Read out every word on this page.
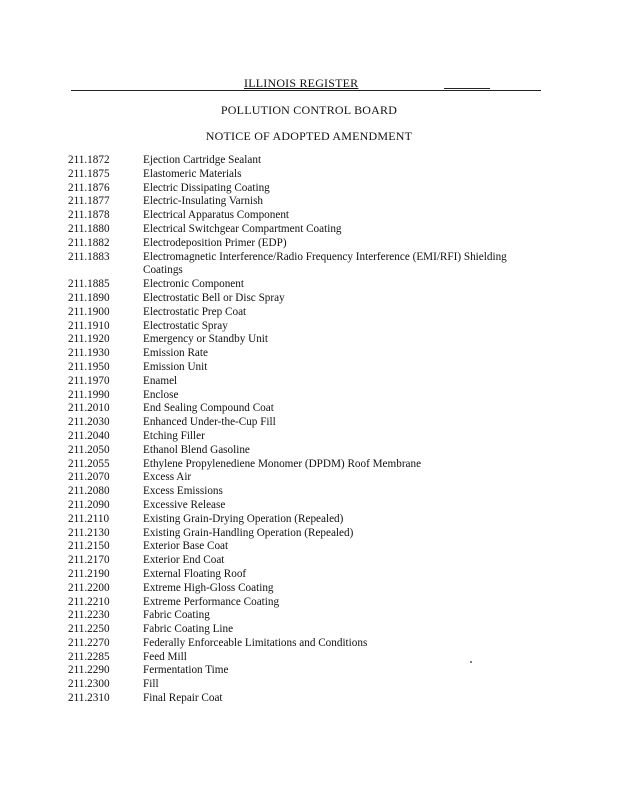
ILLINOIS REGISTER
POLLUTION CONTROL BOARD
NOTICE OF ADOPTED AMENDMENT
211.1872	Ejection Cartridge Sealant
211.1875	Elastomeric Materials
211.1876	Electric Dissipating Coating
211.1877	Electric-Insulating Varnish
211.1878	Electrical Apparatus Component
211.1880	Electrical Switchgear Compartment Coating
211.1882	Electrodeposition Primer (EDP)
211.1883	Electromagnetic Interference/Radio Frequency Interference (EMI/RFI) Shielding
Coatings
211.1885	Electronic Component
211.1890	Electrostatic Bell or Disc Spray
211.1900	Electrostatic Prep Coat
211.1910	Electrostatic Spray
211.1920	Emergency or Standby Unit
211.1930	Emission Rate
211.1950	Emission Unit
211.1970	Enamel
211.1990	Enclose
211.2010	End Sealing Compound Coat
211.2030	Enhanced Under-the-Cup Fill
211.2040	Etching Filler
211.2050	Ethanol Blend Gasoline
211.2055	Ethylene Propylenediene Monomer (DPDM) Roof Membrane
211.2070	Excess Air
211.2080	Excess Emissions
211.2090	Excessive Release
211.2110	Existing Grain-Drying Operation (Repealed)
211.2130	Existing Grain-Handling Operation (Repealed)
211.2150	Exterior Base Coat
211.2170	Exterior End Coat
211.2190	External Floating Roof
211.2200	Extreme High-Gloss Coating
211.2210	Extreme Performance Coating
211.2230	Fabric Coating
211.2250	Fabric Coating Line
211.2270	Federally Enforceable Limitations and Conditions
211.2285	Feed Mill
211.2290	Fermentation Time
211.2300	Fill
211.2310	Final Repair Coat
